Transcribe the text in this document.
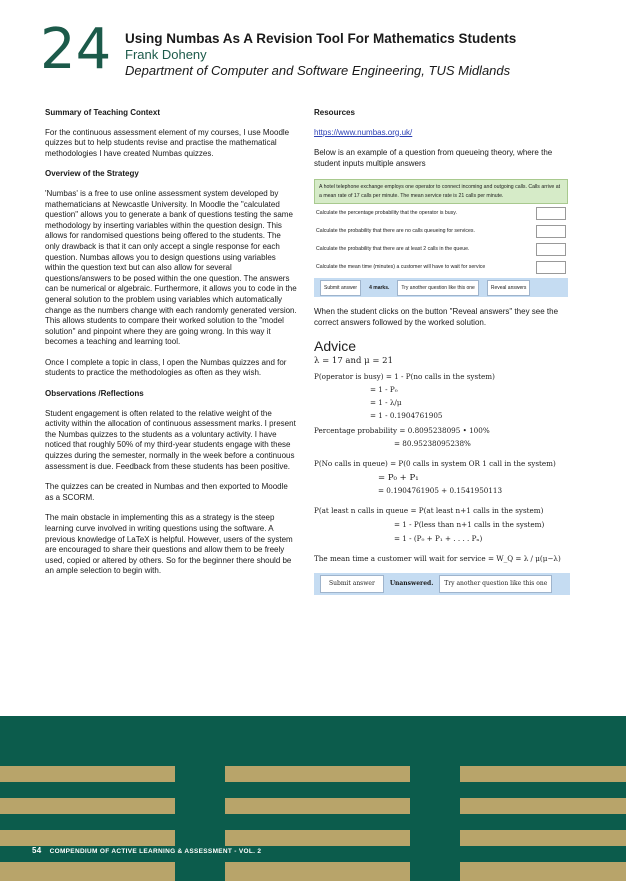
24 Using Numbas As A Revision Tool For Mathematics Students
Frank Doheny
Department of Computer and Software Engineering, TUS Midlands
Summary of Teaching Context

For the continuous assessment element of my courses, I use Moodle quizzes but to help students revise and practise the mathematical methodologies I have created Numbas quizzes.

Overview of the Strategy

'Numbas' is a free to use online assessment system developed by mathematicians at Newcastle University. In Moodle the "calculated question" allows you to generate a bank of questions testing the same methodology by inserting variables within the question design. This allows for randomised questions being offered to the students. The only drawback is that it can only accept a single response for each question. Numbas allows you to design questions using variables within the question text but can also allow for several questions/answers to be posed within the one question. The answers can be numerical or algebraic. Furthermore, it allows you to code in the general solution to the problem using variables which automatically change as the numbers change with each randomly generated version. This allows students to compare their worked solution to the "model solution" and pinpoint where they are going wrong. In this way it becomes a teaching and learning tool.

Once I complete a topic in class, I open the Numbas quizzes and for students to practice the methodologies as often as they wish.

Observations /Reflections

Student engagement is often related to the relative weight of the activity within the allocation of continuous assessment marks. I present the Numbas quizzes to the students as a voluntary activity. I have noticed that roughly 50% of my third-year students engage with these quizzes during the semester, normally in the week before a continuous assessment is due. Feedback from these students has been positive.

The quizzes can be created in Numbas and then exported to Moodle as a SCORM.

The main obstacle in implementing this as a strategy is the steep learning curve involved in writing questions using the software. A previous knowledge of LaTeX is helpful. However, users of the system are encouraged to share their questions and allow them to be freely used, copied or altered by others. So for the beginner there should be an ample selection to begin with.

Resources

https://www.numbas.org.uk/

Below is an example of a question from queueing theory, where the student inputs multiple answers

A hotel telephone exchange employs one operator to connect incoming and outgoing calls. Calls arrive at a mean rate of 17 calls per minute. The mean service rate is 21 calls per minute.
Calculate the percentage probability that the operator is busy.
Calculate the probability that there are no calls queueing for services.
Calculate the probability that there are at least 2 calls in the queue.
Calculate the mean time (minutes) a customer will have to wait for service
Submit answer	4 marks.	Try another question like this one	Reveal answers

When the student clicks on the button "Reveal answers" they see the correct answers followed by the worked solution.

Advice
λ = 17 and μ = 21
P(operator is busy) = 1 - P(no calls in the system)
= 1 - P₀
= 1 - λ/μ
= 1 - 0.1904761905
Percentage probability = 0.8095238095 • 100%
= 80.95238095238%
P(No calls in queue) = P(0 calls in system OR 1 call in the system)
= P₀ + P₁
= 0.1904761905 + 0.1541950113
P(at least n calls in queue = P(at least n+1 calls in the system)
= 1 - P(less than n+1 calls in the system)
= 1 - (P₀ + P₁ + . . . . Pₙ)
The mean time a customer will wait for service = W_Q = λ / μ(μ−λ)
Submit answer	Unanswered.	Try another question like this one
54 COMPENDIUM OF ACTIVE LEARNING & ASSESSMENT - VOL. 2
